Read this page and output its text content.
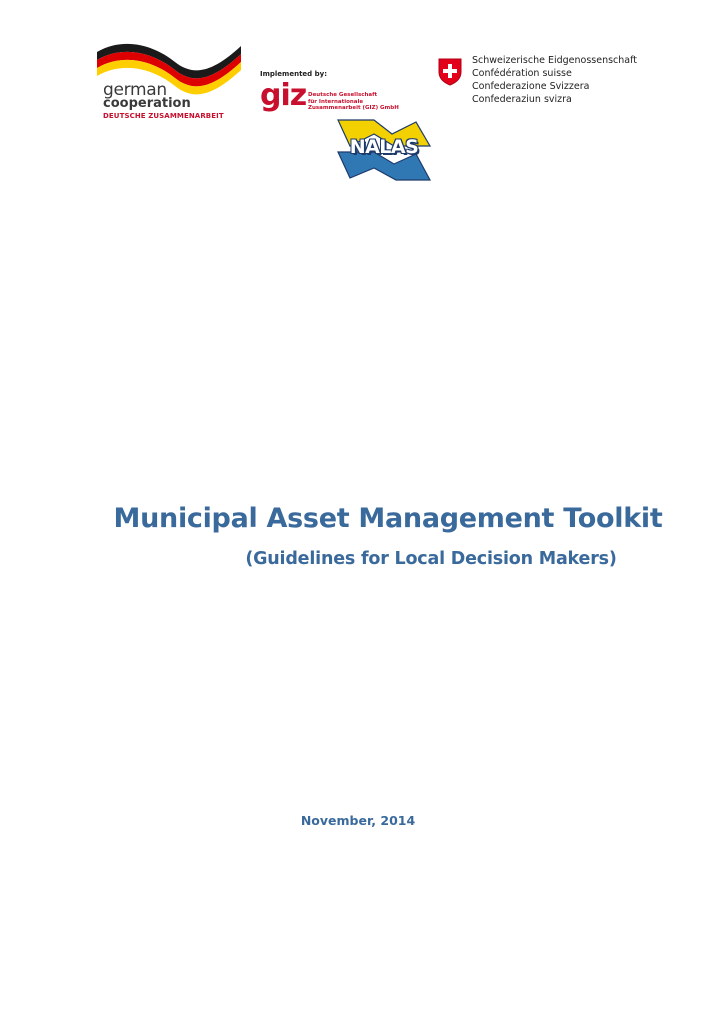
german
cooperation
DEUTSCHE ZUSAMMENARBEIT
Implemented by:
giz Deutsche Gesellschaft
für Internationale
Zusammenarbeit (GIZ) GmbH
Schweizerische Eidgenossenschaft
Confédération suisse
Confederazione Svizzera
Confederaziun svizra
NALAS
Municipal Asset Management Toolkit
(Guidelines for Local Decision Makers)
November, 2014
